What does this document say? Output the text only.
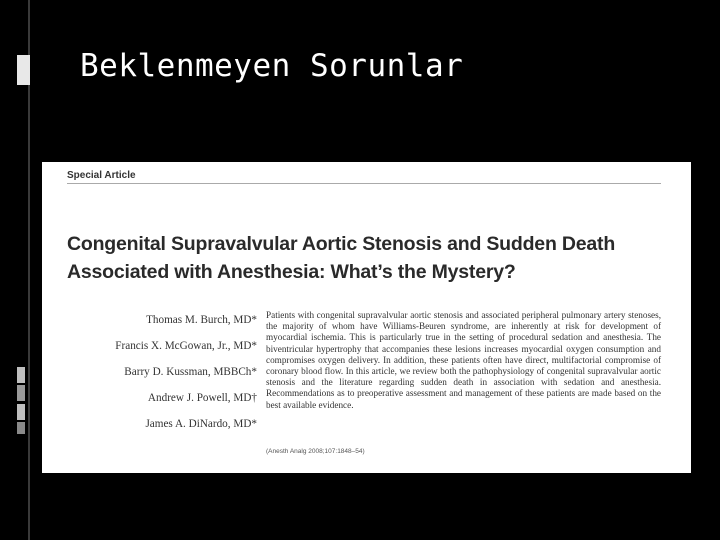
Beklenmeyen Sorunlar
Special Article
Congenital Supravalvular Aortic Stenosis and Sudden Death Associated with Anesthesia: What’s the Mystery?
Thomas M. Burch, MD*
Francis X. McGowan, Jr., MD*
Barry D. Kussman, MBBCh*
Andrew J. Powell, MD†
James A. DiNardo, MD*
Patients with congenital supravalvular aortic stenosis and associated peripheral pulmonary artery stenoses, the majority of whom have Williams-Beuren syndrome, are inherently at risk for development of myocardial ischemia. This is particularly true in the setting of procedural sedation and anesthesia. The biventricular hypertrophy that accompanies these lesions increases myocardial oxygen consumption and compromises oxygen delivery. In addition, these patients often have direct, multifactorial compromise of coronary blood flow. In this article, we review both the pathophysiology of congenital supravalvular aortic stenosis and the literature regarding sudden death in association with sedation and anesthesia. Recommendations as to preoperative assessment and management of these patients are made based on the best available evidence.
(Anesth Analg 2008;107:1848–54)
